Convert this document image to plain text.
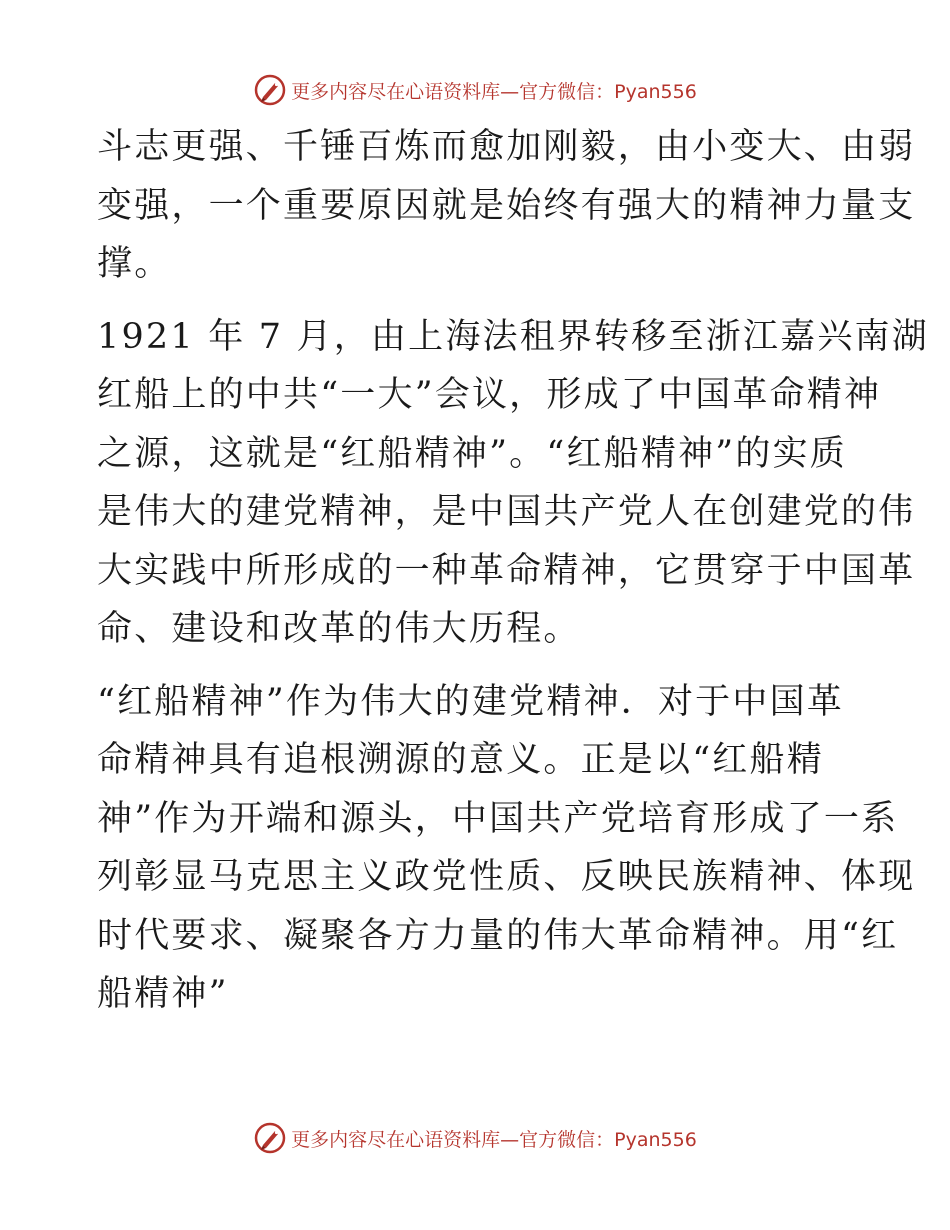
更多内容尽在心语资料库—官方微信：Pyan556

斗志更强、千锤百炼而愈加刚毅，由小变大、由弱
变强，一个重要原因就是始终有强大的精神力量支
撑。

1921 年 7 月，由上海法租界转移至浙江嘉兴南湖
红船上的中共“一大”会议，形成了中国革命精神
之源，这就是“红船精神”。“红船精神”的实质
是伟大的建党精神，是中国共产党人在创建党的伟
大实践中所形成的一种革命精神，它贯穿于中国革
命、建设和改革的伟大历程。

“红船精神”作为伟大的建党精神．对于中国革
命精神具有追根溯源的意义。正是以“红船精
神”作为开端和源头，中国共产党培育形成了一系
列彰显马克思主义政党性质、反映民族精神、体现
时代要求、凝聚各方力量的伟大革命精神。用“红
船精神”

更多内容尽在心语资料库—官方微信：Pyan556
